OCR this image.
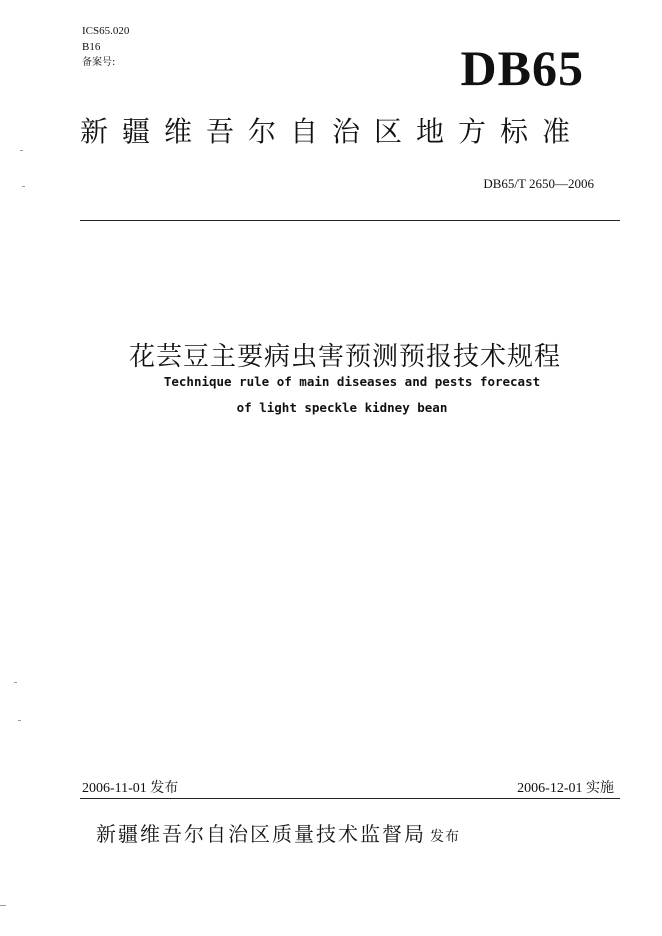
ICS65.020
B16
备案号:	DB65
新疆维吾尔自治区地方标准
DB65/T 2650—2006
花芸豆主要病虫害预测预报技术规程
Technique rule of main diseases and pests forecast
of light speckle kidney bean
2006-11-01 发布	2006-12-01 实施
新疆维吾尔自治区质量技术监督局 发布
